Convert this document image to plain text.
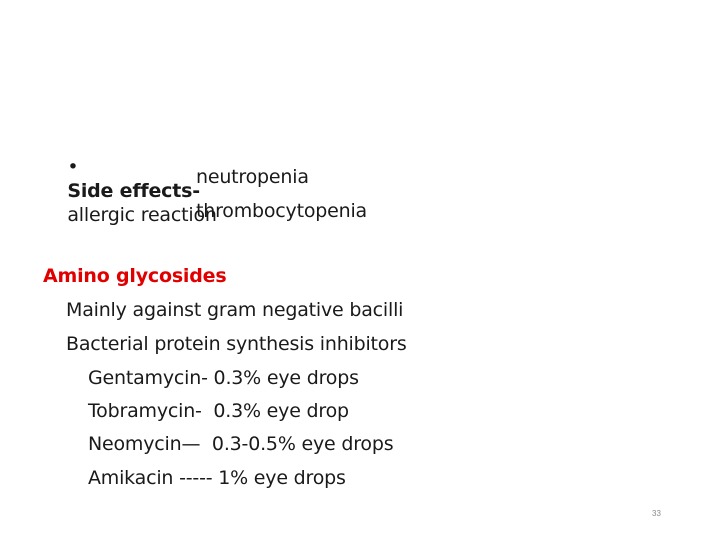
•
Side effects-
allergic reaction

neutropenia
thrombocytopenia
Amino glycosides
Mainly against gram negative bacilli
Bacterial protein synthesis inhibitors
Gentamycin- 0.3% eye drops
Tobramycin-  0.3% eye drop
Neomycin—  0.3-0.5% eye drops
Amikacin ----- 1% eye drops
33
